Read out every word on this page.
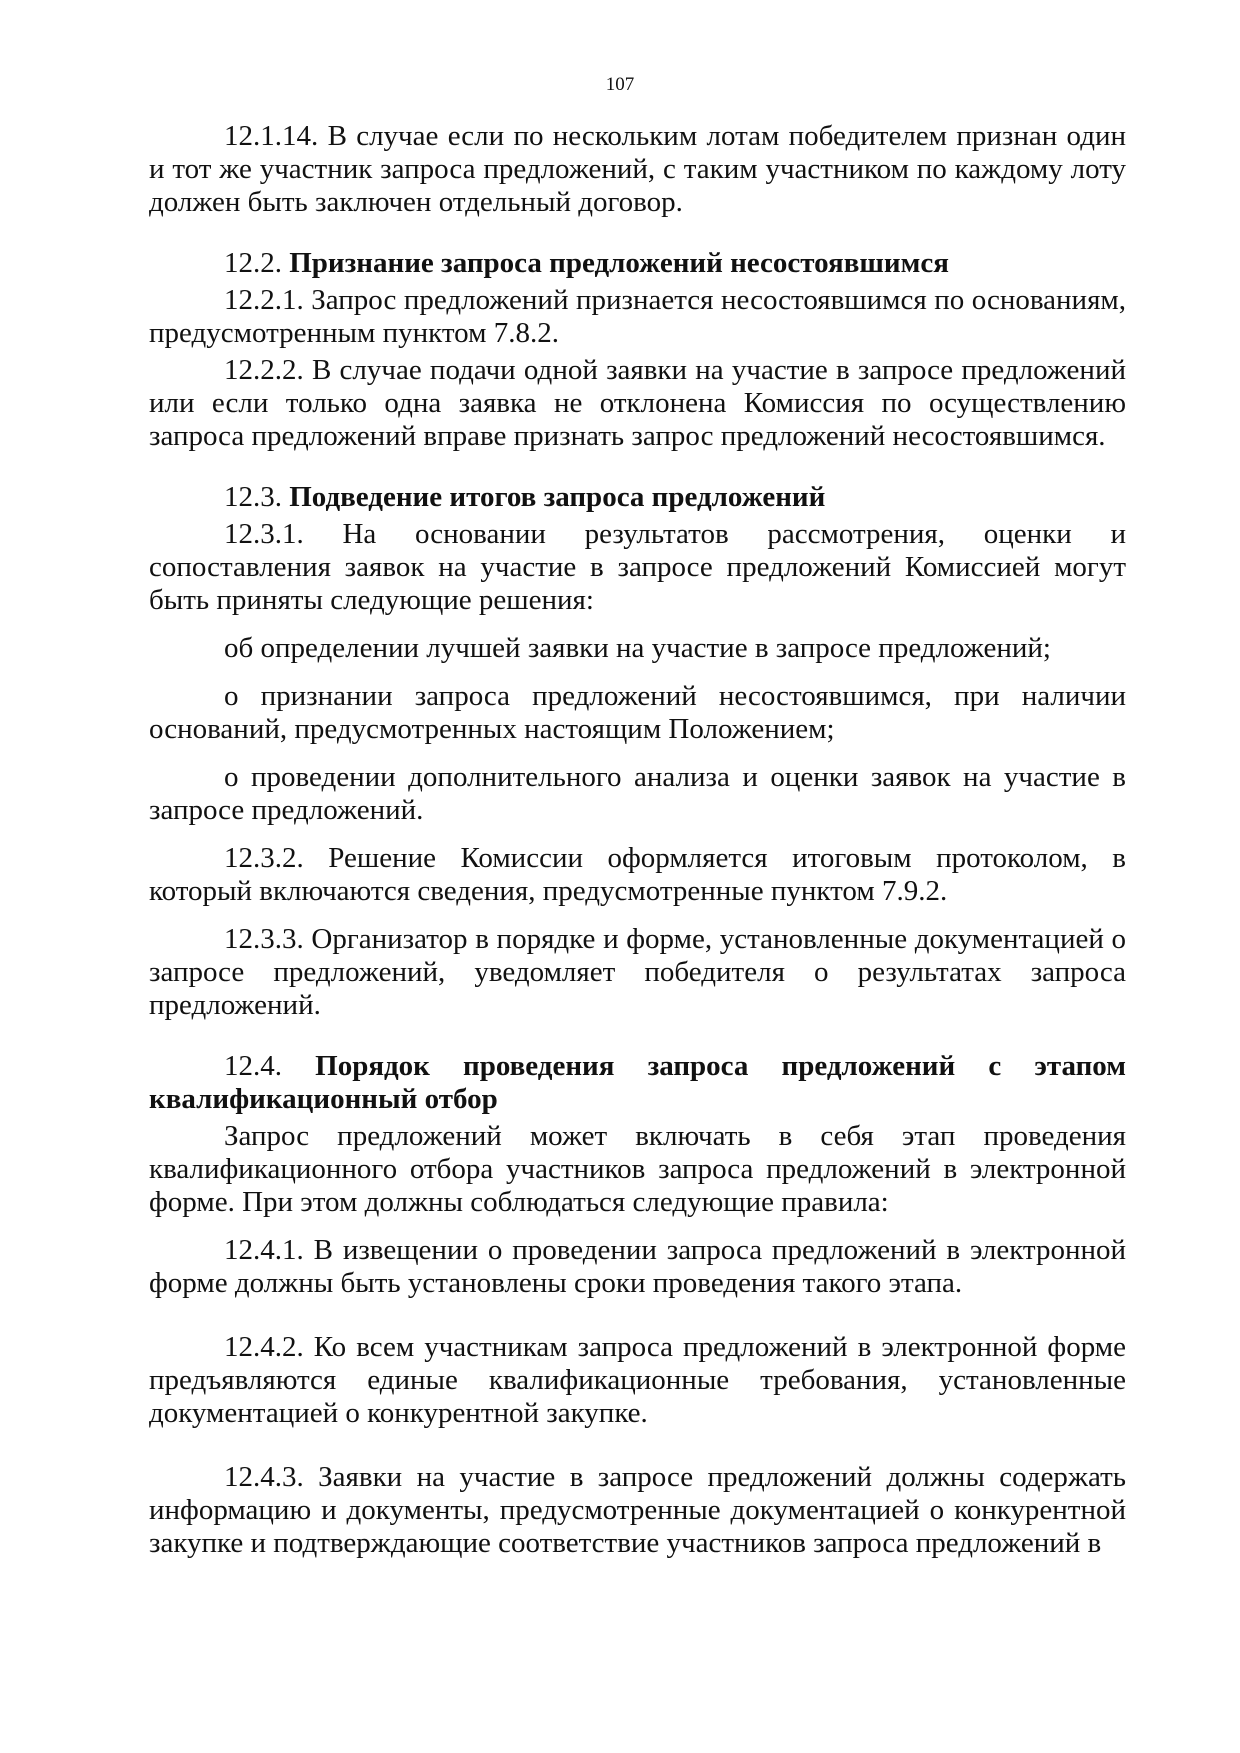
107

12.1.14. В случае если по нескольким лотам победителем признан один и тот же участник запроса предложений, с таким участником по каждому лоту должен быть заключен отдельный договор.

12.2. Признание запроса предложений несостоявшимся

12.2.1. Запрос предложений признается несостоявшимся по основаниям, предусмотренным пунктом 7.8.2.

12.2.2. В случае подачи одной заявки на участие в запросе предложений или если только одна заявка не отклонена Комиссия по осуществлению запроса предложений вправе признать запрос предложений несостоявшимся.

12.3. Подведение итогов запроса предложений

12.3.1. На основании результатов рассмотрения, оценки и сопоставления заявок на участие в запросе предложений Комиссией могут быть приняты следующие решения:

об определении лучшей заявки на участие в запросе предложений;

о признании запроса предложений несостоявшимся, при наличии оснований, предусмотренных настоящим Положением;

о проведении дополнительного анализа и оценки заявок на участие в запросе предложений.

12.3.2. Решение Комиссии оформляется итоговым протоколом, в который включаются сведения, предусмотренные пунктом 7.9.2.

12.3.3. Организатор в порядке и форме, установленные документацией о запросе предложений, уведомляет победителя о результатах запроса предложений.

12.4. Порядок проведения запроса предложений с этапом квалификационный отбор

Запрос предложений может включать в себя этап проведения квалификационного отбора участников запроса предложений в электронной форме. При этом должны соблюдаться следующие правила:

12.4.1. В извещении о проведении запроса предложений в электронной форме должны быть установлены сроки проведения такого этапа.

12.4.2. Ко всем участникам запроса предложений в электронной форме предъявляются единые квалификационные требования, установленные документацией о конкурентной закупке.

12.4.3. Заявки на участие в запросе предложений должны содержать информацию и документы, предусмотренные документацией о конкурентной закупке и подтверждающие соответствие участников запроса предложений в
